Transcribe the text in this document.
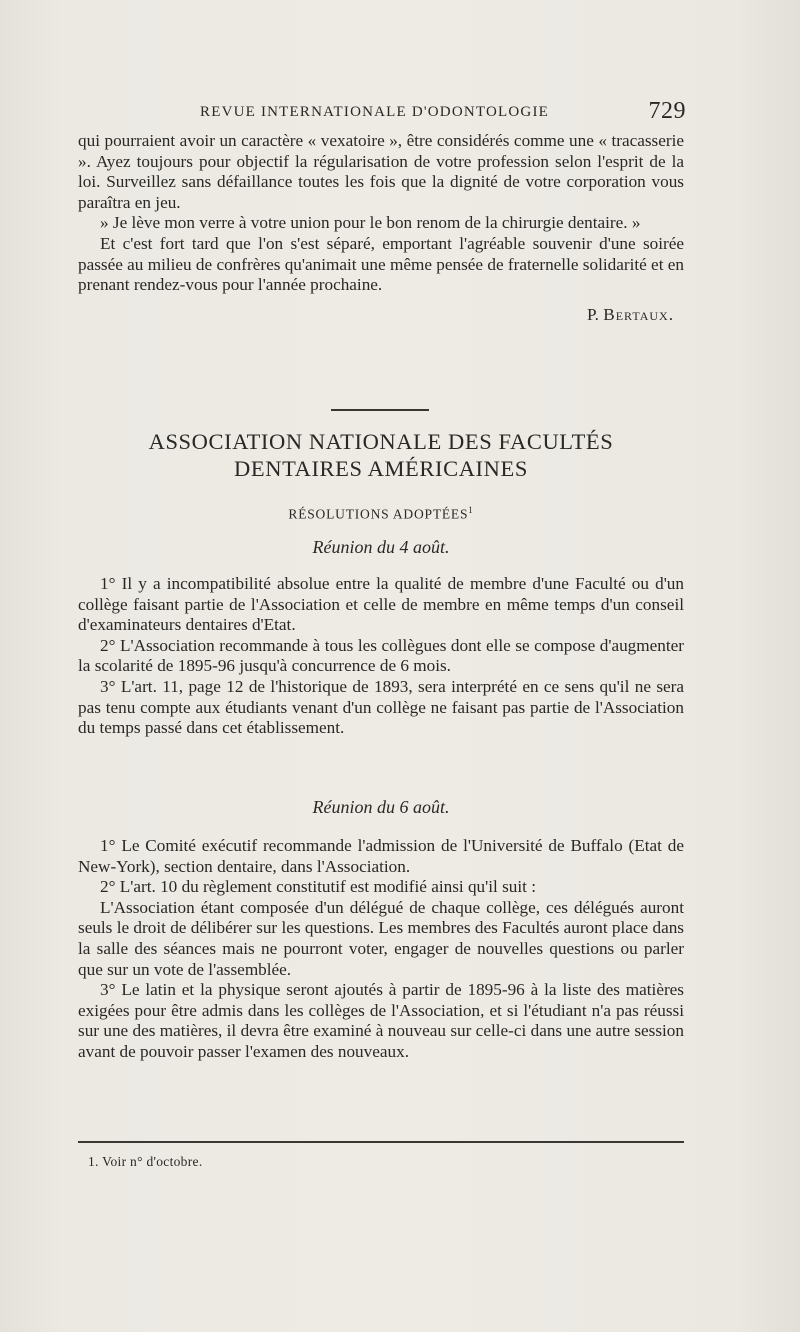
REVUE INTERNATIONALE D'ODONTOLOGIE	729

qui pourraient avoir un caractère « vexatoire », être considérés comme une « tracasserie ». Ayez toujours pour objectif la régularisation de votre profession selon l'esprit de la loi. Surveillez sans défaillance toutes les fois que la dignité de votre corporation vous paraîtra en jeu.

» Je lève mon verre à votre union pour le bon renom de la chirurgie dentaire. »

Et c'est fort tard que l'on s'est séparé, emportant l'agréable souvenir d'une soirée passée au milieu de confrères qu'animait une même pensée de fraternelle solidarité et en prenant rendez-vous pour l'année prochaine.

P. Bertaux.
ASSOCIATION NATIONALE DES FACULTÉS
DENTAIRES AMÉRICAINES
RÉSOLUTIONS ADOPTÉES$^1$
Réunion du 4 août.

1° Il y a incompatibilité absolue entre la qualité de membre d'une Faculté ou d'un collège faisant partie de l'Association et celle de membre en même temps d'un conseil d'examinateurs dentaires d'Etat.

2° L'Association recommande à tous les collègues dont elle se compose d'augmenter la scolarité de 1895-96 jusqu'à concurrence de 6 mois.

3° L'art. 11, page 12 de l'historique de 1893, sera interprété en ce sens qu'il ne sera pas tenu compte aux étudiants venant d'un collège ne faisant pas partie de l'Association du temps passé dans cet établissement.

Réunion du 6 août.

1° Le Comité exécutif recommande l'admission de l'Université de Buffalo (Etat de New-York), section dentaire, dans l'Association.

2° L'art. 10 du règlement constitutif est modifié ainsi qu'il suit :

L'Association étant composée d'un délégué de chaque collège, ces délégués auront seuls le droit de délibérer sur les questions. Les membres des Facultés auront place dans la salle des séances mais ne pourront voter, engager de nouvelles questions ou parler que sur un vote de l'assemblée.

3° Le latin et la physique seront ajoutés à partir de 1895-96 à la liste des matières exigées pour être admis dans les collèges de l'Association, et si l'étudiant n'a pas réussi sur une des matières, il devra être examiné à nouveau sur celle-ci dans une autre session avant de pouvoir passer l'examen des nouveaux.

1. Voir n° d'octobre.
